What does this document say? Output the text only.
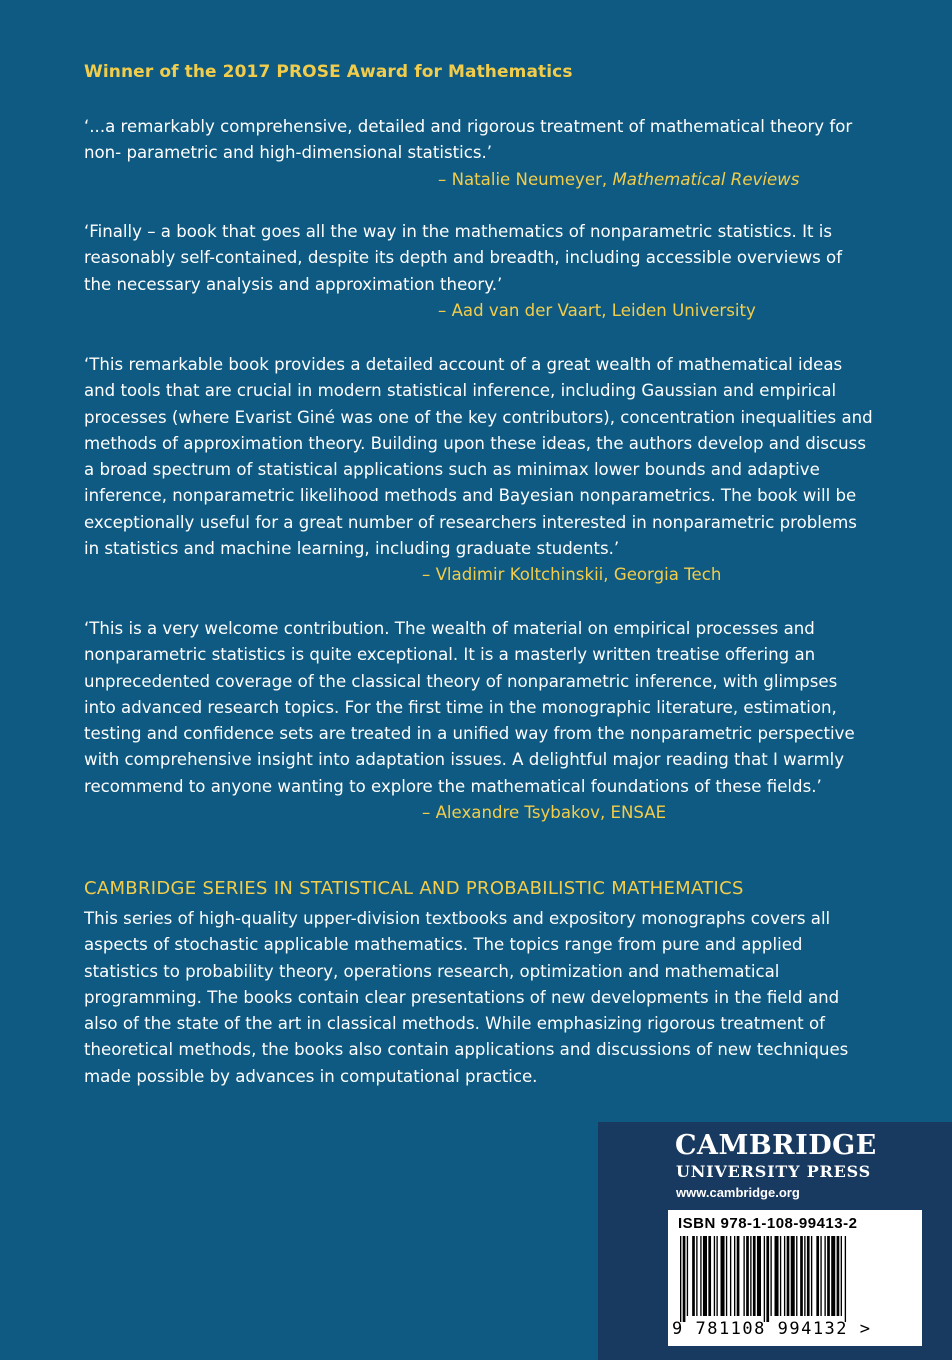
Winner of the 2017 PROSE Award for Mathematics

‘...a remarkably comprehensive, detailed and rigorous treatment of mathematical theory for non- parametric and high-dimensional statistics.’

– Natalie Neumeyer, Mathematical Reviews

‘Finally – a book that goes all the way in the mathematics of nonparametric statistics. It is reasonably self-contained, despite its depth and breadth, including accessible overviews of the necessary analysis and approximation theory.’

– Aad van der Vaart, Leiden University

‘This remarkable book provides a detailed account of a great wealth of mathematical ideas and tools that are crucial in modern statistical inference, including Gaussian and empirical processes (where Evarist Giné was one of the key contributors), concentration inequalities and methods of approximation theory. Building upon these ideas, the authors develop and discuss a broad spectrum of statistical applications such as minimax lower bounds and adaptive inference, nonparametric likelihood methods and Bayesian nonparametrics. The book will be exceptionally useful for a great number of researchers interested in nonparametric problems in statistics and machine learning, including graduate students.’

– Vladimir Koltchinskii, Georgia Tech

‘This is a very welcome contribution. The wealth of material on empirical processes and nonparametric statistics is quite exceptional. It is a masterly written treatise offering an unprecedented coverage of the classical theory of nonparametric inference, with glimpses into advanced research topics. For the first time in the monographic literature, estimation, testing and confidence sets are treated in a unified way from the nonparametric perspective with comprehensive insight into adaptation issues. A delightful major reading that I warmly recommend to anyone wanting to explore the mathematical foundations of these fields.’

– Alexandre Tsybakov, ENSAE

CAMBRIDGE SERIES IN STATISTICAL AND PROBABILISTIC MATHEMATICS
This series of high-quality upper-division textbooks and expository monographs covers all aspects of stochastic applicable mathematics. The topics range from pure and applied statistics to probability theory, operations research, optimization and mathematical programming. The books contain clear presentations of new developments in the field and also of the state of the art in classical methods. While emphasizing rigorous treatment of theoretical methods, the books also contain applications and discussions of new techniques made possible by advances in computational practice.
CAMBRIDGE
UNIVERSITY PRESS
www.cambridge.org
ISBN 978-1-108-99413-2
9 781108 994132 >
